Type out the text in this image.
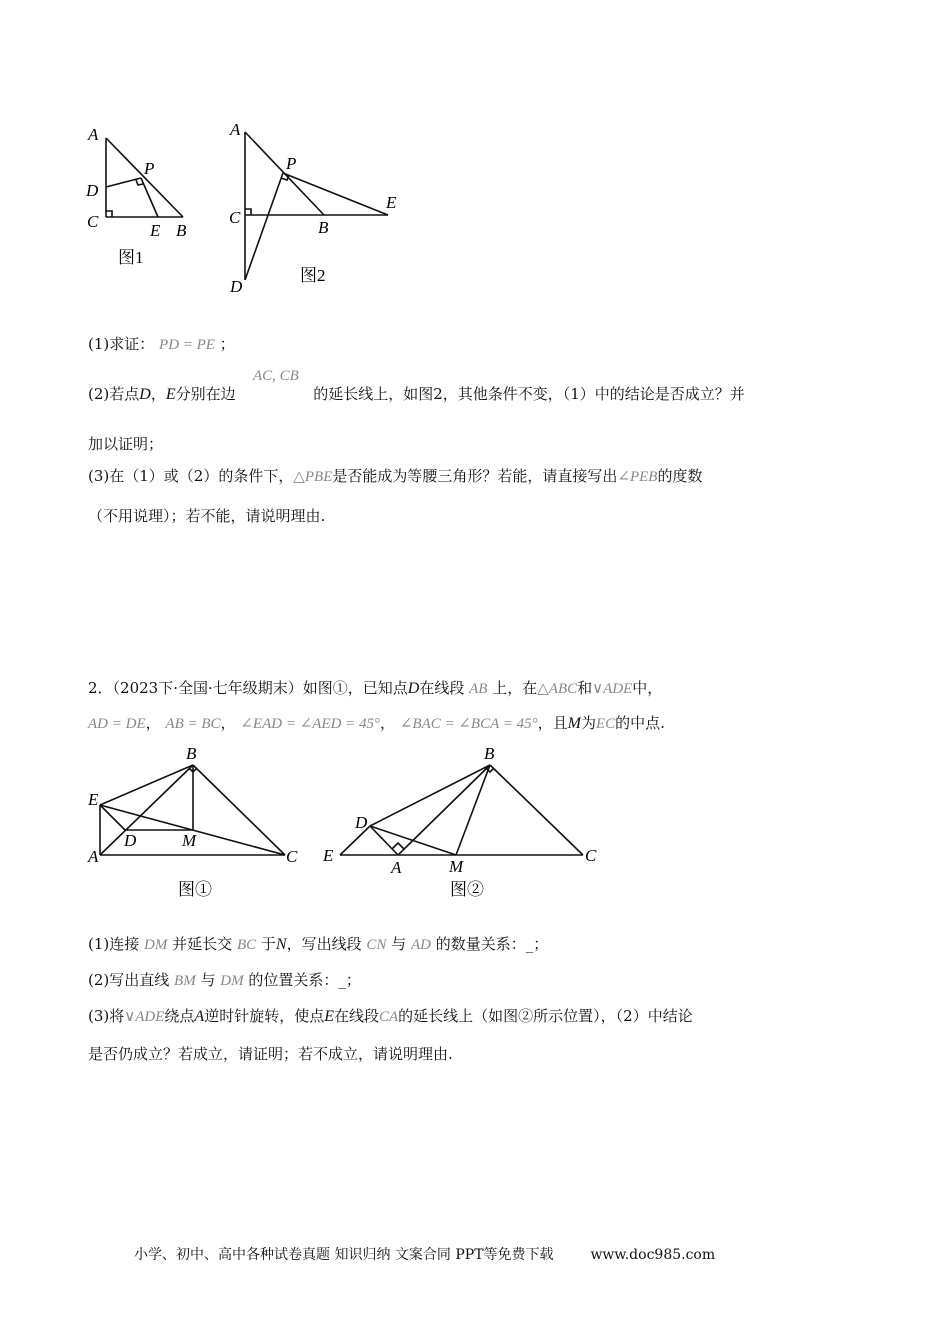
A
P
D
C	E B
图1
A
P
C
E
B
D
图2
(1)求证： PD = PE ；
AC, CB
(2)若点D，E分别在边	的延长线上，如图2，其他条件不变，（1）中的结论是否成立？并
加以证明；
(3)在（1）或（2）的条件下，△PBE是否能成为等腰三角形？若能，请直接写出∠PEB的度数
（不用说理）；若不能，请说明理由.
2．（2023下·全国·七年级期末）如图①，已知点D在线段 AB 上，在△ABC和∨ADE中，
AD = DE， AB = BC， ∠EAD = ∠AED = 45°， ∠BAC = ∠BCA = 45°，且M为EC的中点.
B
E
D	M
A	C
图①
B
D
E
A	M
C
图②
(1)连接 DM 并延长交 BC 于N，写出线段 CN 与 AD 的数量关系：_；
(2)写出直线 BM 与 DM 的位置关系：_；
(3)将∨ADE绕点A逆时针旋转，使点E在线段CA的延长线上（如图②所示位置），（2）中结论
是否仍成立？若成立，请证明；若不成立，请说明理由.
小学、初中、高中各种试卷真题 知识归纳 文案合同 PPT等免费下载	www.doc985.com
